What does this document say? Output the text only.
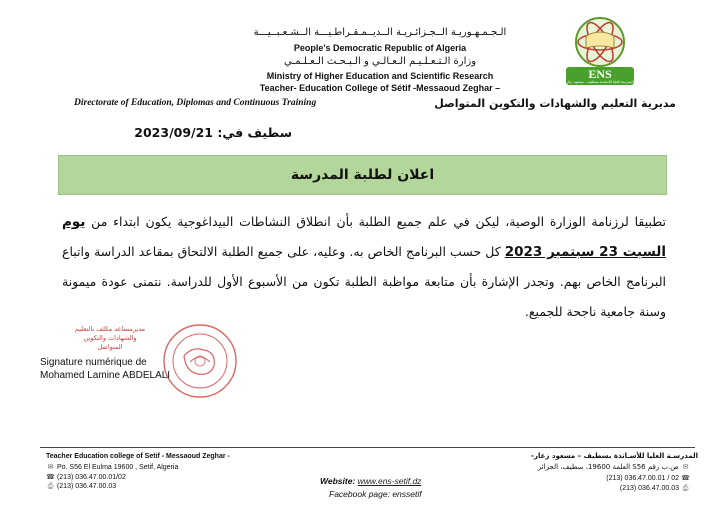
الـجـمـهـوريـة الــجـزائـريـة الــديــمـقـراطـيـــة الــشـعـبــيـــة
People's Democratic Republic of Algeria
وزارة الـتـعـلـيـم الـعـالـي و الـبـحـث الـعـلـمـي
Ministry of Higher Education and Scientific Research
Teacher- Education College of Sétif -Messaoud Zeghar –
ENS
المدرسة العليا للأساتذة بسطيف - مسعود زغار
Directorate of Education, Diplomas and Continuous Training	مديرية التعليم والشهادات والتكوين المتواصل
سطيف في: 2023/09/21
اعلان لطلبة المدرسة
تطبيقا لرزنامة الوزارة الوصية، ليكن في علم جميع الطلبة بأن انطلاق النشاطات البيداغوجية يكون ابتداء من يوم السبت 23 سبتمبر 2023 كل حسب البرنامج الخاص به. وعليه، على جميع الطلبة الالتحاق بمقاعد الدراسة واتباع البرنامج الخاص بهم. وتجدر الإشارة بأن متابعة مواظبة الطلبة تكون من الأسبوع الأول للدراسة. نتمنى عودة ميمونة وسنة جامعية ناجحة للجميع.
مديرمساعد مكلف بالتعليم والشهادات والتكوين المتواصل
Signature numérique de
Mohamed Lamine ABDELALI
Teacher Education college of Setif - Messaoud Zeghar -
✉ Po. S56 El Eulma 19600 , Setif, Algeria
☎ (213) 036.47.00.01/02
⎙ (213) 036.47.00.03
Website: www.ens-setif.dz
Facebook page: enssetif
المدرسـة العليا للأسـاتذة بسطيف – مسعود زغار-
✉ ص.ب رقم S56 العلمة 19600، سطيف، الجزائر
(213) 036.47.00.01 / 02 ☎
(213) 036.47.00.03 ⎙
